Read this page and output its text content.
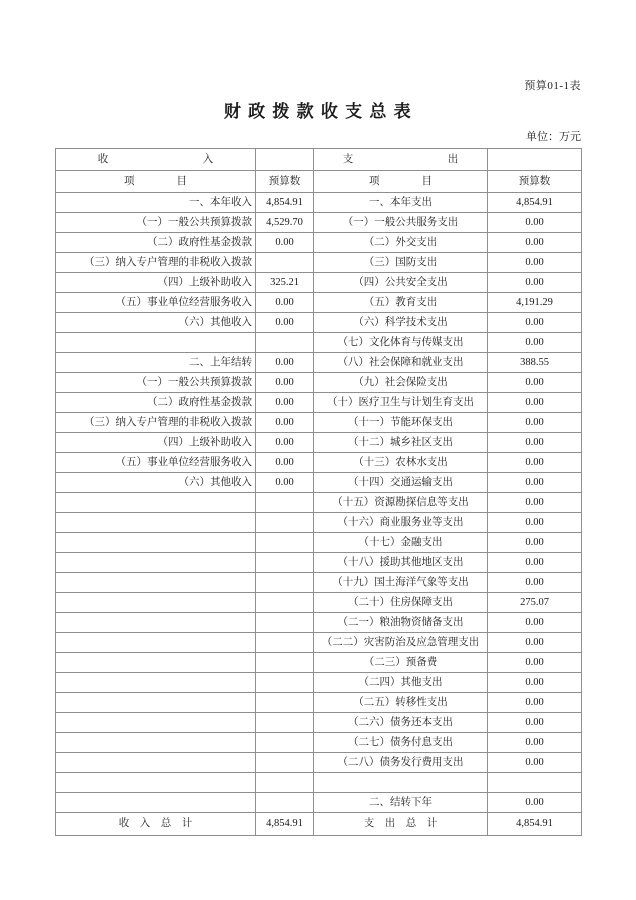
预算01-1表
财 政 拨 款 收 支 总 表
单位：万元
收　　　　　　　　　入		支　　　　　　　　　出	
项　　　　目	预算数	项　　　　目	预算数
一、本年收入	4,854.91	一、本年支出	4,854.91
（一）一般公共预算拨款	4,529.70	（一）一般公共服务支出	0.00
（二）政府性基金拨款	0.00	（二）外交支出	0.00
（三）纳入专户管理的非税收入拨款		（三）国防支出	0.00
（四）上级补助收入	325.21	（四）公共安全支出	0.00
（五）事业单位经营服务收入	0.00	（五）教育支出	4,191.29
（六）其他收入	0.00	（六）科学技术支出	0.00
		（七）文化体育与传媒支出	0.00
二、上年结转	0.00	（八）社会保障和就业支出	388.55
（一）一般公共预算拨款	0.00	（九）社会保险支出	0.00
（二）政府性基金拨款	0.00	（十）医疗卫生与计划生育支出	0.00
（三）纳入专户管理的非税收入拨款	0.00	（十一）节能环保支出	0.00
（四）上级补助收入	0.00	（十二）城乡社区支出	0.00
（五）事业单位经营服务收入	0.00	（十三）农林水支出	0.00
（六）其他收入	0.00	（十四）交通运输支出	0.00
		（十五）资源勘探信息等支出	0.00
		（十六）商业服务业等支出	0.00
		（十七）金融支出	0.00
		（十八）援助其他地区支出	0.00
		（十九）国土海洋气象等支出	0.00
		（二十）住房保障支出	275.07
		（二一）粮油物资储备支出	0.00
		（二二）灾害防治及应急管理支出	0.00
		（二三）预备费	0.00
		（二四）其他支出	0.00
		（二五）转移性支出	0.00
		（二六）债务还本支出	0.00
		（二七）债务付息支出	0.00
		（二八）债务发行费用支出	0.00

		二、结转下年	0.00
收　入　总　计	4,854.91	支　出　总　计	4,854.91
